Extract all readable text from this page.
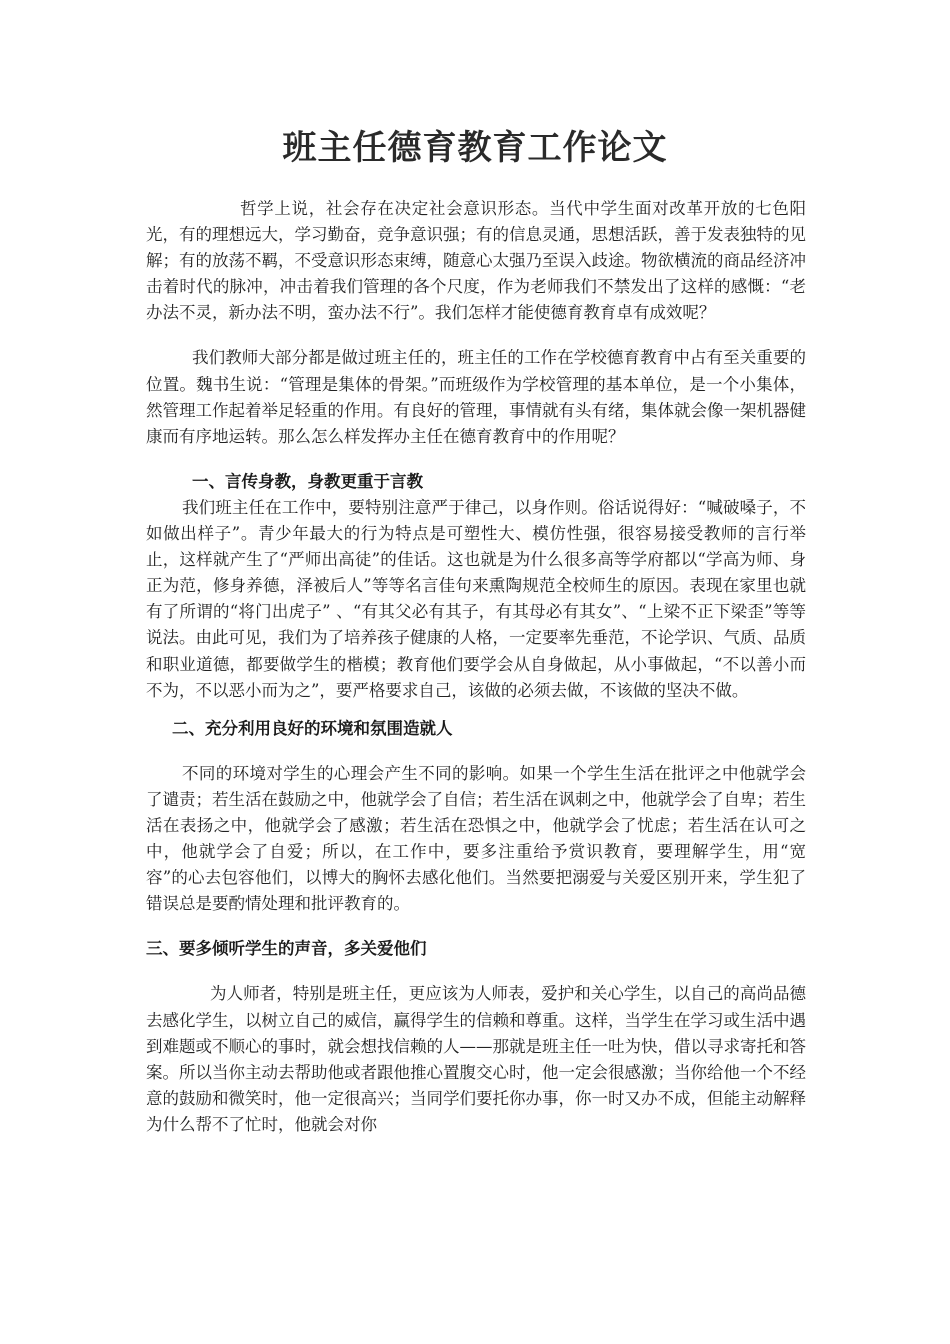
班主任德育教育工作论文

哲学上说，社会存在决定社会意识形态。当代中学生面对改革开放的七色阳光，有的理想远大，学习勤奋，竞争意识强；有的信息灵通，思想活跃，善于发表独特的见解；有的放荡不羁，不受意识形态束缚，随意心太强乃至误入歧途。物欲横流的商品经济冲击着时代的脉冲，冲击着我们管理的各个尺度，作为老师我们不禁发出了这样的感慨：“老办法不灵，新办法不明，蛮办法不行”。我们怎样才能使德育教育卓有成效呢？

我们教师大部分都是做过班主任的，班主任的工作在学校德育教育中占有至关重要的位置。魏书生说：“管理是集体的骨架。”而班级作为学校管理的基本单位，是一个小集体，然管理工作起着举足轻重的作用。有良好的管理，事情就有头有绪，集体就会像一架机器健康而有序地运转。那么怎么样发挥办主任在德育教育中的作用呢？

一、言传身教，身教更重于言教

我们班主任在工作中，要特别注意严于律己，以身作则。俗话说得好：“喊破嗓子，不如做出样子”。青少年最大的行为特点是可塑性大、模仿性强，很容易接受教师的言行举止，这样就产生了“严师出高徒”的佳话。这也就是为什么很多高等学府都以“学高为师、身正为范，修身养德，泽被后人”等等名言佳句来熏陶规范全校师生的原因。表现在家里也就有了所谓的“将门出虎子” 、“有其父必有其子，有其母必有其女”、“上梁不正下梁歪”等等说法。由此可见，我们为了培养孩子健康的人格，一定要率先垂范，不论学识、气质、品质和职业道德，都要做学生的楷模；教育他们要学会从自身做起，从小事做起，“不以善小而不为，不以恶小而为之”，要严格要求自己，该做的必须去做，不该做的坚决不做。

二、充分利用良好的环境和氛围造就人

不同的环境对学生的心理会产生不同的影响。如果一个学生生活在批评之中他就学会了谴责；若生活在鼓励之中，他就学会了自信；若生活在讽刺之中，他就学会了自卑；若生活在表扬之中，他就学会了感激；若生活在恐惧之中，他就学会了忧虑；若生活在认可之中，他就学会了自爱；所以，在工作中，要多注重给予赏识教育，要理解学生，用“宽容”的心去包容他们，以博大的胸怀去感化他们。当然要把溺爱与关爱区别开来，学生犯了错误总是要酌情处理和批评教育的。

三、要多倾听学生的声音，多关爱他们

为人师者，特别是班主任，更应该为人师表，爱护和关心学生，以自己的高尚品德去感化学生，以树立自己的威信，赢得学生的信赖和尊重。这样，当学生在学习或生活中遇到难题或不顺心的事时，就会想找信赖的人——那就是班主任一吐为快，借以寻求寄托和答案。所以当你主动去帮助他或者跟他推心置腹交心时，他一定会很感激；当你给他一个不经意的鼓励和微笑时，他一定很高兴；当同学们要托你办事，你一时又办不成，但能主动解释为什么帮不了忙时，他就会对你
